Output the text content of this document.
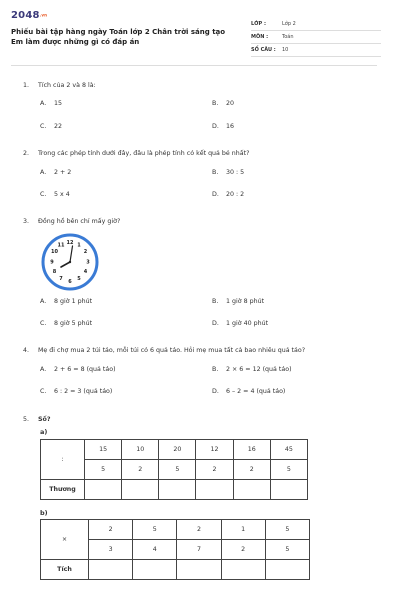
2048.vn
Phiếu bài tập hàng ngày Toán lớp 2 Chân trời sáng tạo Em làm được những gì có đáp án
LỚP :	Lớp 2
MÔN :	Toán
SỐ CÂU :	10
1. Tích của 2 và 8 là:
A. 15	B. 20
C. 22	D. 16
2. Trong các phép tính dưới đây, đâu là phép tính có kết quả bé nhất?
A. 2 + 2	B. 30 : 5
C. 5 x 4	D. 20 : 2
3. Đồng hồ bên chỉ mấy giờ?
12 1
2
3
4
5
6
7
8
9
10
11
A. 8 giờ 1 phút	B. 1 giờ 8 phút
C. 8 giờ 5 phút	D. 1 giờ 40 phút
4. Mẹ đi chợ mua 2 túi táo, mỗi túi có 6 quả táo. Hỏi mẹ mua tất cả bao nhiêu quả táo?
A. 2 + 6 = 8 (quả táo)	B. 2 × 6 = 12 (quả táo)
C. 6 : 2 = 3 (quả táo)	D. 6 – 2 = 4 (quả táo)
5. Số?
a)
:	15	10	20	12	16	45
	5	2	5	2	2	5
Thương						
b)
×	2	5	2	1	5
	3	4	7	2	5
Tích					
